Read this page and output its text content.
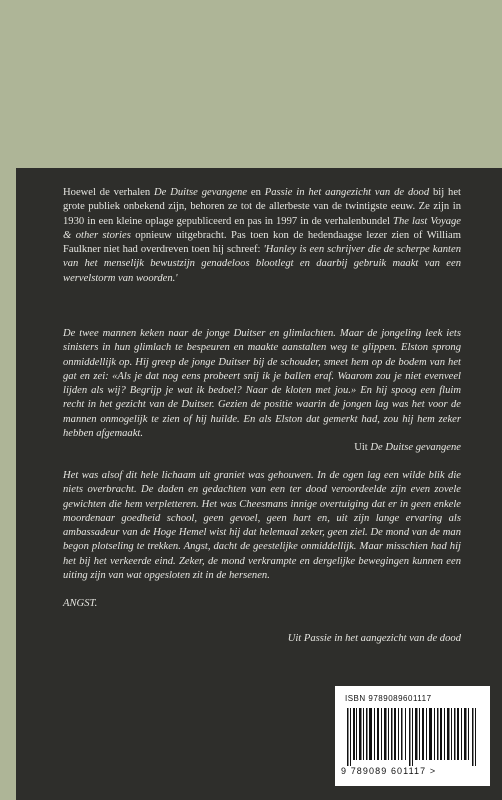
Hoewel de verhalen De Duitse gevangene en Passie in het aangezicht van de dood bij het grote publiek onbekend zijn, behoren ze tot de allerbeste van de twintigste eeuw. Ze zijn in 1930 in een kleine oplage gepubliceerd en pas in 1997 in de verhalenbundel The last Voyage & other stories opnieuw uitgebracht. Pas toen kon de hedendaagse lezer zien of William Faulkner niet had overdreven toen hij schreef: 'Hanley is een schrijver die de scherpe kanten van het menselijk bewustzijn genadeloos blootlegt en daarbij gebruik maakt van een wervelstorm van woorden.'

De twee mannen keken naar de jonge Duitser en glimlachten. Maar de jongeling leek iets sinisters in hun glimlach te bespeuren en maakte aanstalten weg te glippen. Elston sprong onmiddellijk op. Hij greep de jonge Duitser bij de schouder, smeet hem op de bodem van het gat en zei: «Als je dat nog eens probeert snij ik je ballen eraf. Waarom zou je niet evenveel lijden als wij? Begrijp je wat ik bedoel? Naar de kloten met jou.» En hij spoog een fluim recht in het gezicht van de Duitser. Gezien de positie waarin de jongen lag was het voor de mannen onmogelijk te zien of hij huilde. En als Elston dat gemerkt had, zou hij hem zeker hebben afgemaakt.
Uit De Duitse gevangene

Het was alsof dit hele lichaam uit graniet was gehouwen. In de ogen lag een wilde blik die niets overbracht. De daden en gedachten van een ter dood veroordeelde zijn even zovele gewichten die hem verpletteren. Het was Cheesmans innige overtuiging dat er in geen enkele moordenaar goedheid school, geen gevoel, geen hart en, uit zijn lange ervaring als ambassadeur van de Hoge Hemel wist hij dat helemaal zeker, geen ziel. De mond van de man begon plotseling te trekken. Angst, dacht de geestelijke onmiddellijk. Maar misschien had hij het bij het verkeerde eind. Zeker, de mond verkrampte en dergelijke bewegingen kunnen een uiting zijn van wat opgesloten zit in de hersenen.

ANGST.

Uit Passie in het aangezicht van de dood

ISBN 9789089601117
9 789089 601117 >
